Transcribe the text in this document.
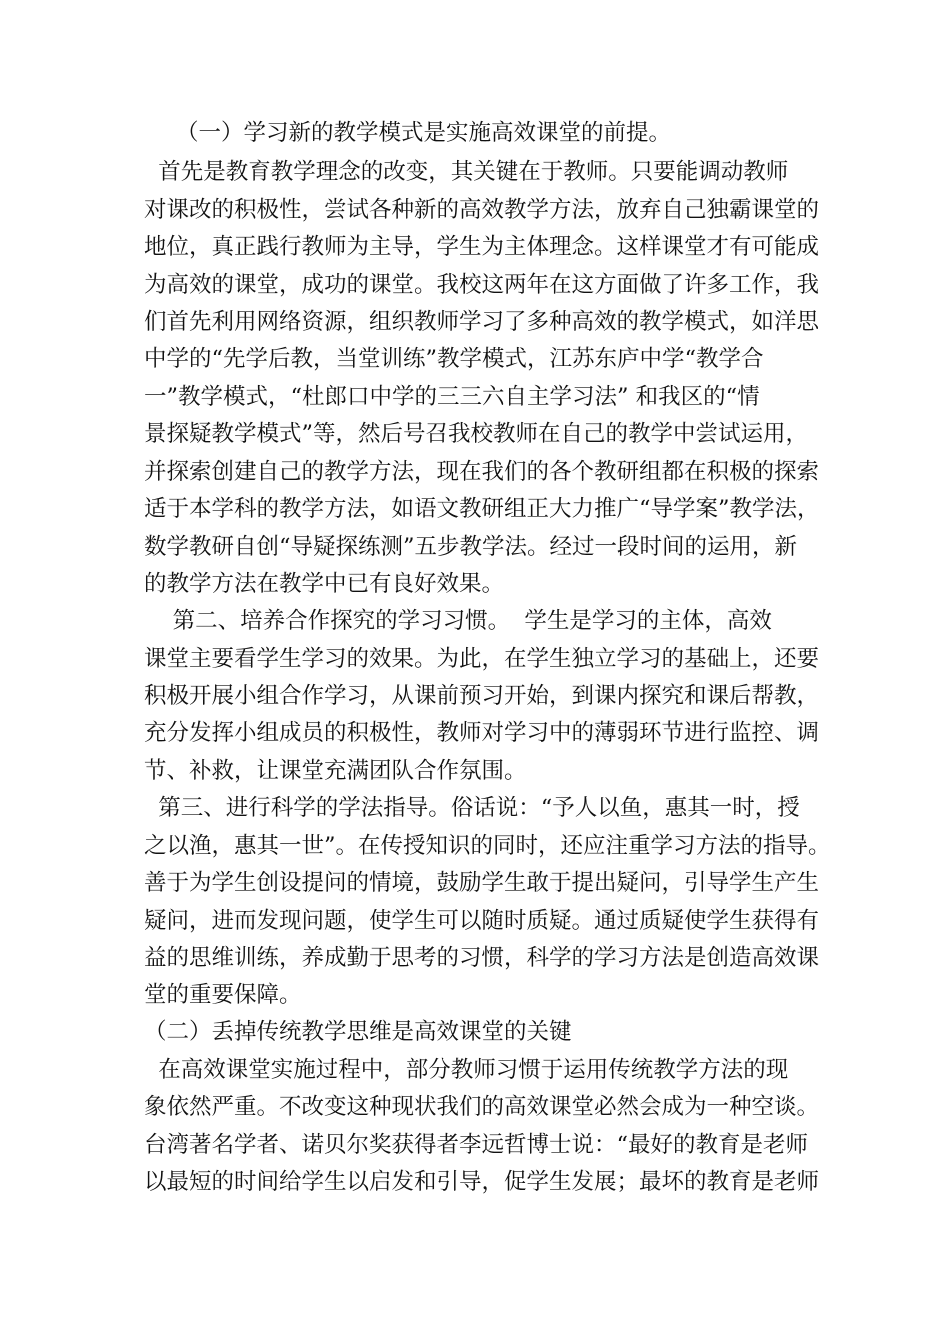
（一）学习新的教学模式是实施高效课堂的前提。

首先是教育教学理念的改变，其关键在于教师。只要能调动教师

对课改的积极性，尝试各种新的高效教学方法，放弃自己独霸课堂的

地位，真正践行教师为主导，学生为主体理念。这样课堂才有可能成

为高效的课堂，成功的课堂。我校这两年在这方面做了许多工作，我

们首先利用网络资源，组织教师学习了多种高效的教学模式，如洋思

中学的“先学后教，当堂训练”教学模式，江苏东庐中学“教学合

一”教学模式，“杜郎口中学的三三六自主学习法” 和我区的“情

景探疑教学模式”等，然后号召我校教师在自己的教学中尝试运用，

并探索创建自己的教学方法，现在我们的各个教研组都在积极的探索

适于本学科的教学方法，如语文教研组正大力推广“导学案”教学法，

数学教研自创“导疑探练测”五步教学法。经过一段时间的运用，新

的教学方法在教学中已有良好效果。

第二、培养合作探究的学习习惯。  学生是学习的主体，高效

课堂主要看学生学习的效果。为此，在学生独立学习的基础上，还要

积极开展小组合作学习，从课前预习开始，到课内探究和课后帮教，

充分发挥小组成员的积极性，教师对学习中的薄弱环节进行监控、调

节、补救，让课堂充满团队合作氛围。

第三、进行科学的学法指导。俗话说：“予人以鱼，惠其一时，授

之以渔，惠其一世”。在传授知识的同时，还应注重学习方法的指导。

善于为学生创设提问的情境，鼓励学生敢于提出疑问，引导学生产生

疑问，进而发现问题，使学生可以随时质疑。通过质疑使学生获得有

益的思维训练，养成勤于思考的习惯，科学的学习方法是创造高效课

堂的重要保障。

（二）丢掉传统教学思维是高效课堂的关键

在高效课堂实施过程中，部分教师习惯于运用传统教学方法的现

象依然严重。不改变这种现状我们的高效课堂必然会成为一种空谈。

台湾著名学者、诺贝尔奖获得者李远哲博士说：“最好的教育是老师

以最短的时间给学生以启发和引导，促学生发展；最坏的教育是老师
